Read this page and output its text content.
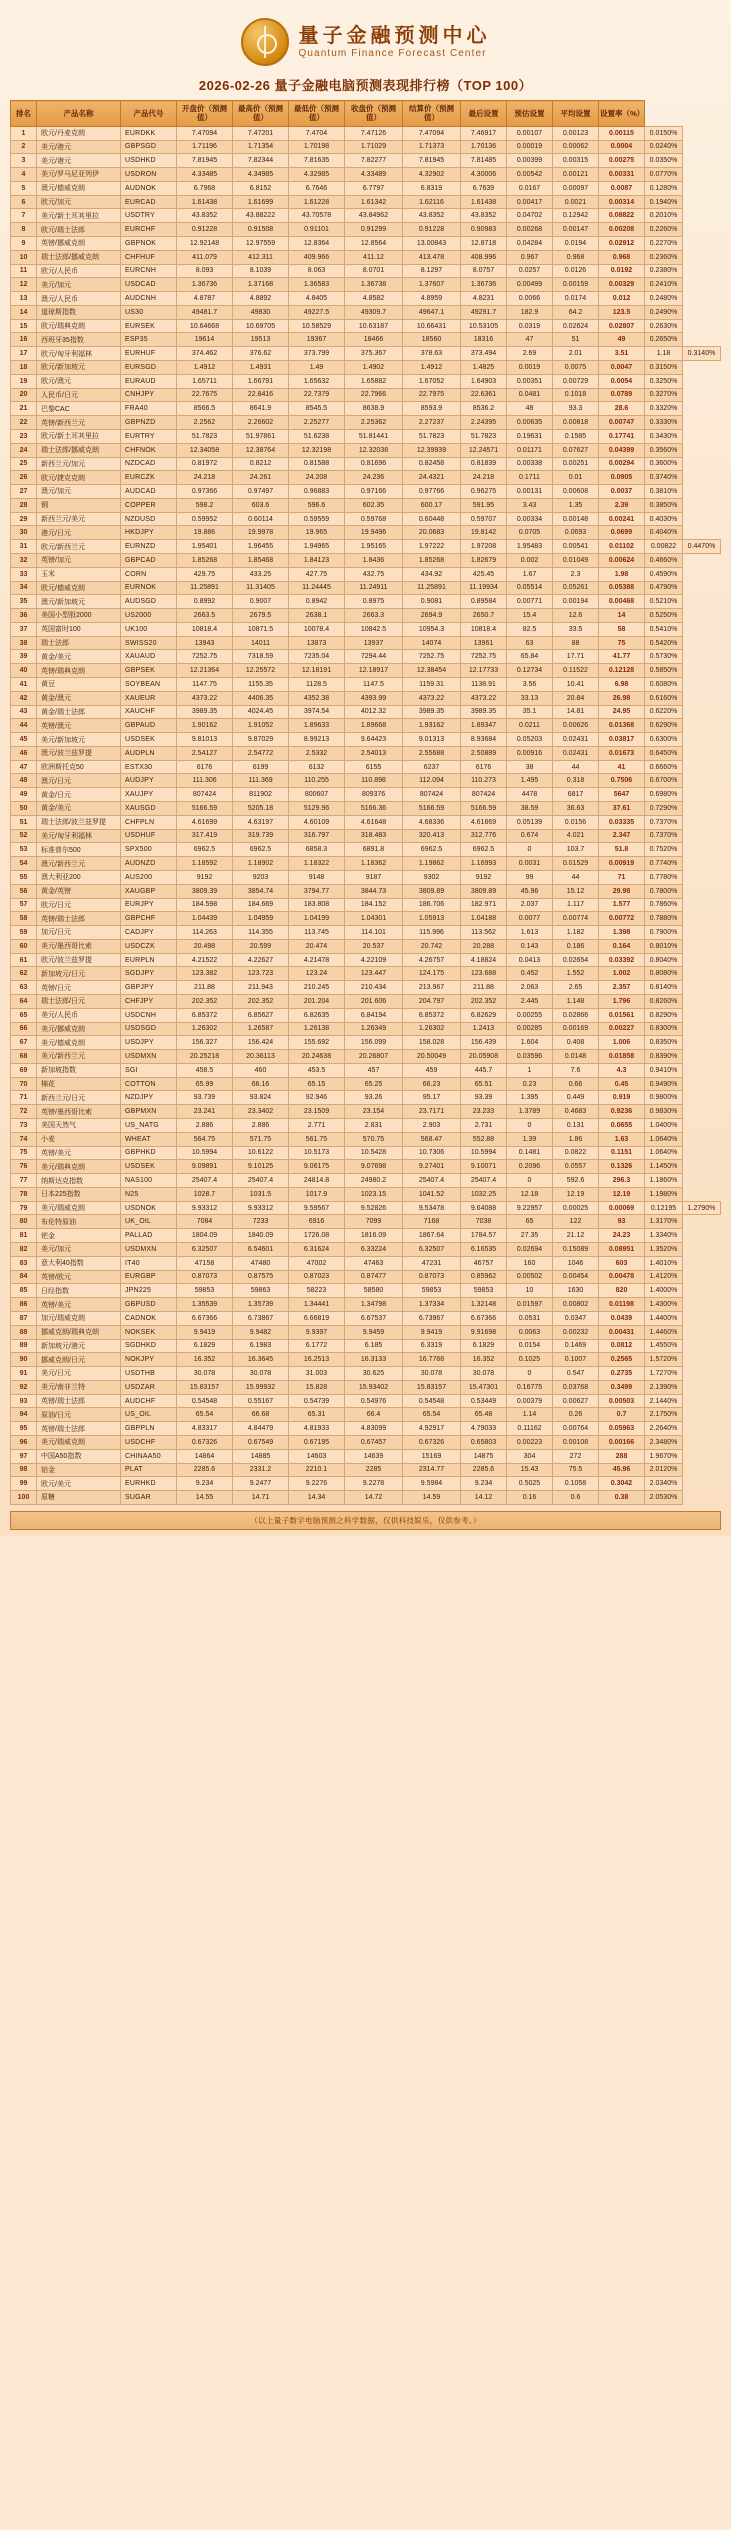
量子金融预测中心
Quantum Finance Forecast Center
2026-02-26 量子金融电脑预测表现排行榜（TOP 100）
排名	产品名称	产品代号	开盘价（预测值）	最高价（预测值）	最低价（预测值）	收盘价（预测值）	结算价（预测值）	最后设置	预估设置	平均设置	设置率（%）		
1	欧元/丹麦克朗	EURDKK	7.47094	7.47201	7.4704	7.47126	7.47094	7.46917	0.00107	0.00123	0.00115	0.0150%	
2	美元/港元	GBPSGD	1.71196	1.71354	1.70198	1.71029	1.71373	1.70136	0.00019	0.00062	0.0004	0.0240%	
3	美元/港元	USDHKD	7.81945	7.82344	7.81635	7.82277	7.81945	7.81485	0.00399	0.00315	0.00275	0.0350%	
4	美元/罗马尼亚列伊	USDRON	4.33485	4.34985	4.32985	4.33489	4.32902	4.30006	0.00542	0.00121	0.00331	0.0770%	
5	澳元/德威克朗	AUDNOK	6.7968	6.8152	6.7646	6.7797	6.8319	6.7639	0.0167	0.00097	0.0087	0.1280%	
6	欧元/加元	EURCAD	1.61438	1.61699	1.61228	1.61342	1.62116	1.61438	0.00417	0.0021	0.00314	0.1940%	
7	美元/新土耳其里拉	USDTRY	43.8352	43.88222	43.70578	43.84962	43.8352	43.8352	0.04702	0.12942	0.08822	0.2010%	
8	欧元/瑞士法郎	EURCHF	0.91228	0.91508	0.91101	0.91299	0.91228	0.90983	0.00268	0.00147	0.00208	0.2260%	
9	英镑/挪威克朗	GBPNOK	12.92148	12.97559	12.8364	12.8564	13.00843	12.8718	0.04284	0.0194	0.02912	0.2270%	
10	瑞士法郎/挪威克朗	CHFHUF	411.079	412.311	409.966	411.12	413.478	408.996	0.967	0.968	0.968	0.2360%	
11	欧元/人民币	EURCNH	8.093	8.1039	8.063	8.0701	8.1297	8.0757	0.0257	0.0126	0.0192	0.2380%	
12	美元/加元	USDCAD	1.36736	1.37168	1.36583	1.36738	1.37607	1.36736	0.00499	0.00159	0.00329	0.2410%	
13	澳元/人民币	AUDCNH	4.8787	4.8892	4.8405	4.8582	4.8959	4.8231	0.0066	0.0174	0.012	0.2480%	
14	道琼斯指数	US30	49481.7	49830	49227.5	49309.7	49647.1	49291.7	182.9	64.2	123.5	0.2490%	
15	欧元/瑞典克朗	EURSEK	10.64668	10.69705	10.58529	10.63187	10.66431	10.53105	0.0319	0.02624	0.02807	0.2630%	
16	西班牙35指数	ESP35	19614	19513	19367	18466	18560	18316	47	51	49	0.2650%	
17	欧元/匈牙利福林	EURHUF	374.462	376.62	373.799	375.367	378.63	373.494	2.69	2.01	3.51	1.18	0.3140%
18	欧元/新加坡元	EURSGD	1.4912	1.4931	1.49	1.4902	1.4912	1.4825	0.0019	0.0075	0.0047	0.3150%	
19	欧元/澳元	EURAUD	1.65711	1.66791	1.65632	1.65882	1.67052	1.64903	0.00351	0.00729	0.0054	0.3250%	
20	人民币/日元	CNHJPY	22.7675	22.8416	22.7379	22.7966	22.7975	22.6361	0.0481	0.1018	0.0789	0.3270%	
21	巴黎CAC	FRA40	8566.5	8641.9	8545.5	8638.9	8593.9	8536.2	48	93.3	28.6	0.3320%	
22	英镑/新西兰元	GBPNZD	2.2562	2.26602	2.25277	2.25362	2.27237	2.24395	0.00635	0.00818	0.00747	0.3330%	
23	欧元/新土耳其里拉	EURTRY	51.7823	51.97861	51.6238	51.81441	51.7823	51.7823	0.19631	0.1585	0.17741	0.3430%	
24	瑞士法郎/挪威克朗	CHFNOK	12.34058	12.38764	12.32198	12.32038	12.39939	12.24571	0.01171	0.07627	0.04399	0.3560%	
25	新西兰元/加元	NZDCAD	0.81972	0.8212	0.81588	0.81696	0.82458	0.81839	0.00338	0.00251	0.00294	0.3600%	
26	欧元/捷克克朗	EURCZK	24.218	24.261	24.208	24.236	24.4321	24.218	0.1711	0.01	0.0905	0.3740%	
27	澳元/加元	AUDCAD	0.97366	0.97497	0.96883	0.97166	0.97766	0.96275	0.00131	0.00608	0.0037	0.3810%	
28	铜	COPPER	598.2	603.6	596.6	602.35	600.17	591.95	3.43	1.35	2.39	0.3850%	
29	新西兰元/美元	NZDUSD	0.59952	0.60114	0.59559	0.59768	0.60448	0.59707	0.00334	0.00148	0.00241	0.4030%	
30	港元/日元	HKDJPY	19.886	19.9978	19.965	19.9496	20.0683	19.8142	0.0705	0.0693	0.0699	0.4040%	
31	欧元/新西兰元	EURNZD	1.95401	1.96455	1.94965	1.95165	1.97222	1.97208	1.95483	0.00541	0.01102	0.00822	0.4470%
32	英镑/加元	GBPCAD	1.85268	1.85468	1.84123	1.8436	1.85268	1.82679	0.002	0.01049	0.00624	0.4660%	
33	玉米	CORN	429.75	433.25	427.75	432.75	434.92	425.45	1.67	2.3	1.98	0.4590%	
34	欧元/德威克朗	EURNOK	11.25891	11.31405	11.24445	11.24911	11.25891	11.19934	0.05514	0.05261	0.05388	0.4790%	
35	澳元/新加坡元	AUDSGD	0.8992	0.9007	0.8942	0.8975	0.9081	0.89584	0.00771	0.00194	0.00468	0.5210%	
36	美国小型股2000	US2000	2663.5	2679.5	2638.1	2663.3	2694.9	2650.7	15.4	12.6	14	0.5250%	
37	英国富时100	UK100	10818.4	10871.5	10078.4	10842.5	10954.3	10818.4	82.5	33.5	58	0.5410%	
38	瑞士法郎	SWISS20	13943	14011	13873	13937	14074	13961	63	88	75	0.5420%	
39	黄金/美元	XAUAUD	7252.75	7318.59	7235.04	7294.44	7252.75	7252.75	65.84	17.71	41.77	0.5730%	
40	英镑/瑞典克朗	GBPSEK	12.21364	12.25572	12.18191	12.18917	12.38454	12.17733	0.12734	0.11522	0.12128	0.5850%	
41	黄豆	SOYBEAN	1147.75	1155.35	1128.5	1147.5	1159.31	1138.91	3.56	10.41	6.98	0.6080%	
42	黄金/澳元	XAUEUR	4373.22	4406.35	4352.38	4393.99	4373.22	4373.22	33.13	20.84	26.98	0.6160%	
43	黄金/瑞士法郎	XAUCHF	3989.35	4024.45	3974.54	4012.32	3989.35	3989.35	35.1	14.81	24.95	0.6220%	
44	英镑/澳元	GBPAUD	1.90162	1.91052	1.89633	1.89668	1.93162	1.89347	0.0211	0.00626	0.01368	0.6290%	
45	美元/新加坡元	USDSEK	9.81013	9.87029	8.99213	9.64423	9.01313	8.93684	0.05203	0.02431	0.03817	0.6300%	
46	澳元/波兰兹罗提	AUDPLN	2.54127	2.54772	2.5332	2.54013	2.55688	2.50889	0.00916	0.02431	0.01673	0.6450%	
47	欧洲斯托克50	ESTX30	6176	6199	6132	6155	6237	6176	38	44	41	0.6660%	
48	澳元/日元	AUDJPY	111.306	111.369	110.255	110.898	112.094	110.273	1.495	0.318	0.7506	0.6700%	
49	黄金/日元	XAUJPY	807424	811902	800607	809376	807424	807424	4478	6817	5647	0.6980%	
50	黄金/美元	XAUSGD	5166.59	5205.18	5129.96	5166.36	5166.59	5166.59	38.59	36.63	37.61	0.7290%	
51	瑞士法郎/波兰兹罗提	CHFPLN	4.61699	4.63197	4.60109	4.61648	4.68336	4.61669	0.05139	0.0156	0.03335	0.7370%	
52	美元/匈牙利福林	USDHUF	317.419	319.739	316.797	318.483	320.413	312.776	0.674	4.021	2.347	0.7370%	
53	标准普尔500	SPX500	6962.5	6962.5	6858.3	6891.8	6962.5	6962.5	0	103.7	51.8	0.7520%	
54	澳元/新西兰元	AUDNZD	1.18592	1.18902	1.18322	1.18362	1.19862	1.16993	0.0031	0.01529	0.00919	0.7740%	
55	澳大利亚200	AUS200	9192	9203	9148	9187	9302	9192	99	44	71	0.7780%	
56	黄金/英镑	XAUGBP	3809.39	3854.74	3794.77	3844.73	3809.89	3809.89	45.96	15.12	29.98	0.7800%	
57	欧元/日元	EURJPY	184.598	184.669	183.808	184.152	186.706	182.971	2.037	1.117	1.577	0.7860%	
58	英镑/瑞士法郎	GBPCHF	1.04439	1.04959	1.04199	1.04301	1.05913	1.04188	0.0077	0.00774	0.00772	0.7880%	
59	加元/日元	CADJPY	114.263	114.355	113.745	114.101	115.996	113.562	1.613	1.182	1.398	0.7900%	
60	美元/墨西哥比索	USDCZK	20.498	20.599	20.474	20.537	20.742	20.288	0.143	0.186	0.164	0.8010%	
61	欧元/波兰兹罗提	EURPLN	4.21522	4.22627	4.21478	4.22109	4.26757	4.18824	0.0413	0.02654	0.03392	0.8040%	
62	新加坡元/日元	SGDJPY	123.382	123.723	123.24	123.447	124.175	123.688	0.452	1.552	1.002	0.8080%	
63	英镑/日元	GBPJPY	211.88	211.943	210.245	210.434	213.967	211.88	2.063	2.65	2.357	0.8140%	
64	瑞士法郎/日元	CHFJPY	202.352	202.352	201.204	201.606	204.797	202.352	2.445	1.148	1.796	0.8260%	
65	美元/人民币	USDCNH	6.85372	6.85627	6.82635	6.84194	6.85372	6.82629	0.00255	0.02866	0.01561	0.8290%	
66	美元/挪威克朗	USDSGD	1.26302	1.26587	1.26138	1.26349	1.26302	1.2413	0.00285	0.00169	0.00227	0.8300%	
67	美元/德威克朗	USDJPY	156.327	156.424	155.692	156.099	158.028	156.439	1.604	0.408	1.006	0.8350%	
68	美元/新西兰元	USDMXN	20.25218	20.36113	20.24638	20.26807	20.50049	20.05908	0.03596	0.0148	0.01858	0.8390%	
69	新加坡指数	SGI	458.5	460	453.5	457	459	445.7	1	7.6	4.3	0.9410%	
70	棉花	COTTON	65.99	66.16	65.15	65.25	66.23	65.51	0.23	0.66	0.45	0.9490%	
71	新西兰元/日元	NZDJPY	93.739	93.824	92.946	93.26	95.17	93.39	1.395	0.449	0.919	0.9800%	
72	英镑/墨西哥比索	GBPMXN	23.241	23.3402	23.1509	23.154	23.7171	23.233	1.3789	0.4683	0.9236	0.9830%	
73	美国天然气	US_NATG	2.886	2.886	2.771	2.831	2.903	2.731	0	0.131	0.0655	1.0400%	
74	小麦	WHEAT	564.75	571.75	561.75	570.75	568.47	552.88	1.39	1.86	1.63	1.0640%	
75	英镑/美元	GBPHKD	10.5994	10.6122	10.5173	10.5428	10.7306	10.5994	0.1481	0.0822	0.1151	1.0640%	
76	美元/瑞典克朗	USDSEK	9.09891	9.10125	9.06175	9.07698	9.27401	9.10071	0.2096	0.0557	0.1326	1.1450%	
77	纳斯达克指数	NAS100	25407.4	25407.4	24814.8	24980.2	25407.4	25407.4	0	592.6	296.3	1.1860%	
78	日本225指数	N25	1028.7	1031.5	1017.9	1023.15	1041.52	1032.25	12.18	12.19	12.19	1.1980%	
79	美元/瑞威克朗	USDNOK	9.93312	9.93312	9.59567	9.52826	9.53478	9.64088	9.22957	0.00025	0.00069	0.12195	1.2790%
80	布伦特原油	UK_OIL	7084	7233	6916	7099	7168	7038	65	122	93	1.3170%	
81	钯金	PALLAD	1804.09	1840.09	1726.08	1816.09	1867.64	1784.57	27.35	21.12	24.23	1.3340%	
82	美元/加元	USDMXN	6.32507	6.54601	6.31624	6.33224	6.32507	6.16535	0.02694	0.15089	0.08951	1.3520%	
83	意大利40指数	IT40	47158	47480	47002	47463	47231	46757	160	1046	603	1.4010%	
84	英镑/欧元	EURGBP	0.87073	0.87575	0.87023	0.87477	0.87073	0.85962	0.00502	0.00454	0.00478	1.4120%	
85	日经指数	JPN225	59853	59863	58223	58580	59853	59853	10	1630	820	1.4000%	
86	英镑/美元	GBPUSD	1.35539	1.35739	1.34441	1.34798	1.37334	1.32148	0.01597	0.00802	0.01198	1.4300%	
87	加元/瑞威克朗	CADNOK	6.67366	6.73867	6.66819	6.67537	6.73967	6.67366	0.0531	0.0347	0.0439	1.4400%	
88	挪威克朗/瑞典克朗	NOKSEK	9.9419	9.9482	9.9397	9.9459	9.9419	9.91698	0.0063	0.00232	0.00431	1.4460%	
89	新加坡元/港元	SGDHKD	6.1829	6.1983	6.1772	6.185	6.3319	6.1829	0.0154	0.1469	0.0812	1.4550%	
90	挪威克朗/日元	NOKJPY	16.352	16.3645	16.2513	16.3133	16.7768	16.352	0.1025	0.1007	0.2565	1.5720%	
91	美元/日元	USDTHB	30.078	30.078	31.003	30.625	30.078	30.078	0	0.547	0.2735	1.7270%	
92	美元/南非兰特	USDZAR	15.83157	15.99932	15.828	15.93402	15.83157	15.47301	0.16775	0.03768	0.3499	2.1390%	
93	英镑/瑞士法郎	AUDCHF	0.54548	0.55167	0.54739	0.54976	0.54548	0.53449	0.00379	0.00627	0.00503	2.1440%	
94	原油/日元	US_OIL	65.54	66.68	65.31	66.4	65.54	65.48	1.14	0.26	0.7	2.1750%	
95	英镑/瑞士法郎	GBPPLN	4.83317	4.84479	4.81933	4.83099	4.92917	4.79033	0.11162	0.00764	0.05963	2.2640%	
96	美元/瑞威克朗	USDCHF	0.67326	0.67549	0.67195	0.67457	0.67326	0.65803	0.00223	0.00108	0.00166	2.3480%	
97	中国A50指数	CHINAA50	14864	14885	14603	14639	15169	14875	304	272	288	1.9670%	
98	铂金	PLAT	2285.6	2331.2	2210.1	2285	2314.77	2285.6	15.43	75.5	45.96	2.0120%	
99	欧元/美元	EURHKD	9.234	9.2477	9.2276	9.2278	9.5984	9.234	0.5025	0.1058	0.3042	2.0340%	
100	原糖	SUGAR	14.55	14.71	14.34	14.72	14.59	14.12	0.16	0.6	0.38	2.0530%	
（以上量子数字电脑预测之科学数据，仅供科技娱乐，仅供参考。）
